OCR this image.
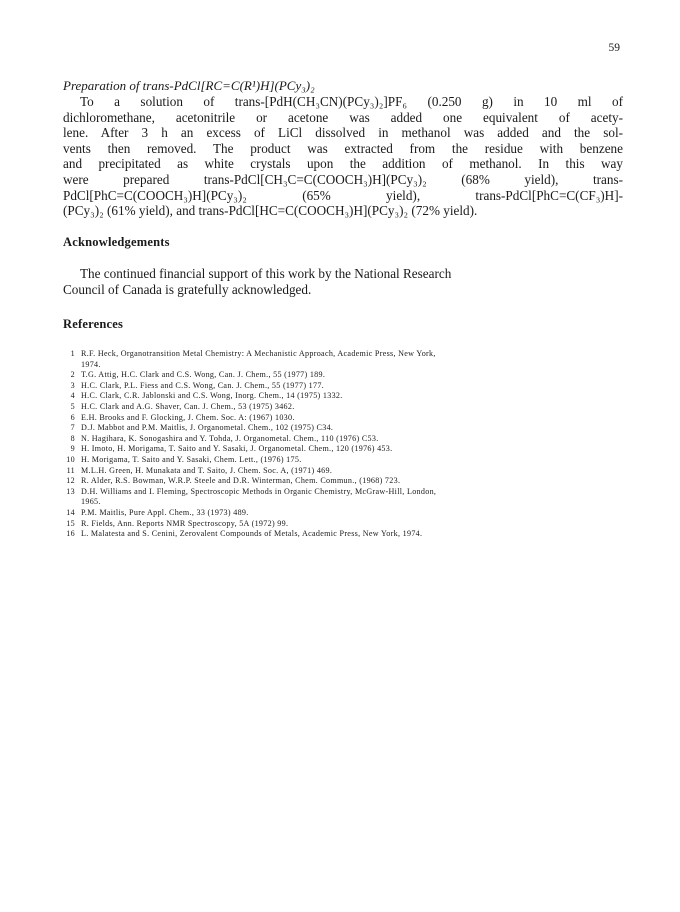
59
Preparation of trans-PdCl[RC=C(R¹)H](PCy₃)₂

To a solution of trans-[PdH(CH₃CN)(PCy₃)₂]PF₆ (0.250 g) in 10 ml of
dichloromethane, acetonitrile or acetone was added one equivalent of acety-
lene. After 3 h an excess of LiCl dissolved in methanol was added and the sol-
vents then removed. The product was extracted from the residue with benzene
and precipitated as white crystals upon the addition of methanol. In this way
were prepared trans-PdCl[CH₃C=C(COOCH₃)H](PCy₃)₂ (68% yield), trans-
PdCl[PhC=C(COOCH₃)H](PCy₃)₂ (65% yield), trans-PdCl[PhC=C(CF₃)H]-
(PCy₃)₂ (61% yield), and trans-PdCl[HC=C(COOCH₃)H](PCy₃)₂ (72% yield).

Acknowledgements

The continued financial support of this work by the National Research
Council of Canada is gratefully acknowledged.

References
1 R.F. Heck, Organotransition Metal Chemistry: A Mechanistic Approach, Academic Press, New York,
1974.
2 T.G. Attig, H.C. Clark and C.S. Wong, Can. J. Chem., 55 (1977) 189.
3 H.C. Clark, P.L. Fiess and C.S. Wong, Can. J. Chem., 55 (1977) 177.
4 H.C. Clark, C.R. Jablonski and C.S. Wong, Inorg. Chem., 14 (1975) 1332.
5 H.C. Clark and A.G. Shaver, Can. J. Chem., 53 (1975) 3462.
6 E.H. Brooks and F. Glocking, J. Chem. Soc. A: (1967) 1030.
7 D.J. Mabbot and P.M. Maitlis, J. Organometal. Chem., 102 (1975) C34.
8 N. Hagihara, K. Sonogashira and Y. Tohda, J. Organometal. Chem., 110 (1976) C53.
9 H. Imoto, H. Morigama, T. Saito and Y. Sasaki, J. Organometal. Chem., 120 (1976) 453.
10 H. Morigama, T. Saito and Y. Sasaki, Chem. Lett., (1976) 175.
11 M.L.H. Green, H. Munakata and T. Saito, J. Chem. Soc. A, (1971) 469.
12 R. Alder, R.S. Bowman, W.R.P. Steele and D.R. Winterman, Chem. Commun., (1968) 723.
13 D.H. Williams and I. Fleming, Spectroscopic Methods in Organic Chemistry, McGraw-Hill, London,
1965.
14 P.M. Maitlis, Pure Appl. Chem., 33 (1973) 489.
15 R. Fields, Ann. Reports NMR Spectroscopy, 5A (1972) 99.
16 L. Malatesta and S. Cenini, Zerovalent Compounds of Metals, Academic Press, New York, 1974.
